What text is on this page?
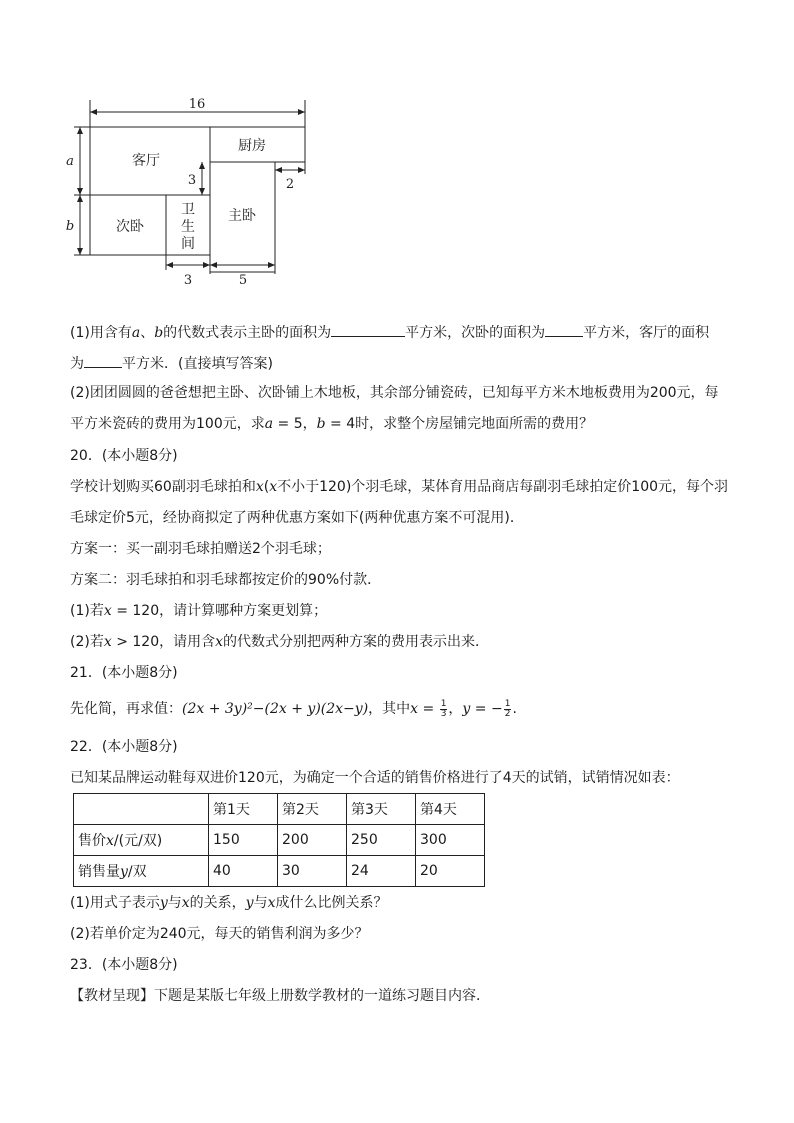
16
a
b
3	2
3	5
客厅
厨房
次卧
卫
生
间
主卧
(1)用含有a、b的代数式表示主卧的面积为	平方米，次卧的面积为	平方米，客厅的面积
为	平方米．(直接填写答案)
(2)团团圆圆的爸爸想把主卧、次卧铺上木地板，其余部分铺瓷砖，已知每平方米木地板费用为200元，每
平方米瓷砖的费用为100元，求a = 5，b = 4时，求整个房屋铺完地面所需的费用？
20．(本小题8分)
学校计划购买60副羽毛球拍和x(x不小于120)个羽毛球，某体育用品商店每副羽毛球拍定价100元，每个羽
毛球定价5元，经协商拟定了两种优惠方案如下(两种优惠方案不可混用)．
方案一：买一副羽毛球拍赠送2个羽毛球；
方案二：羽毛球拍和羽毛球都按定价的90%付款．
(1)若x = 120，请计算哪种方案更划算；
(2)若x > 120，请用含x的代数式分别把两种方案的费用表示出来．
21．(本小题8分)
先化简，再求值：(2x + 3y)²−(2x + y)(2x−y)，其中$x = \frac{1}{3}$ ，y = − $\frac{1}{2}$ .
22．(本小题8分)
已知某品牌运动鞋每双进价120元，为确定一个合适的销售价格进行了4天的试销，试销情况如表：
	第1天	第2天	第3天	第4天
售价x/(元/双)	150	200	250	300
销售量y/双	40	30	24	20
(1)用式子表示y与x的关系，y与x成什么比例关系？
(2)若单价定为240元，每天的销售利润为多少？
23．(本小题8分)
【教材呈现】下题是某版七年级上册数学教材的一道练习题目内容．
